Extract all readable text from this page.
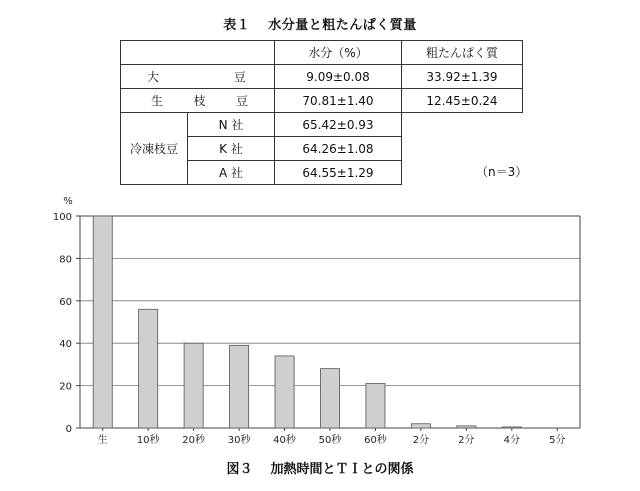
表１ 水分量と粗たんぱく質量
		水分（%）	粗たんぱく質

大 豆		9.09±0.08	33.92±1.39

生 枝 豆		70.81±1.40	12.45±0.24
冷凍枝豆	N 社	65.42±0.93	
	K 社	64.26±1.08	
	A 社	64.55±1.29		（n＝3）
0
20
40
60
80
100
%
生	10秒 20秒 30秒 40秒 50秒 60秒	2分	2分	4分	5分
図３ 加熱時間とＴＩとの関係
